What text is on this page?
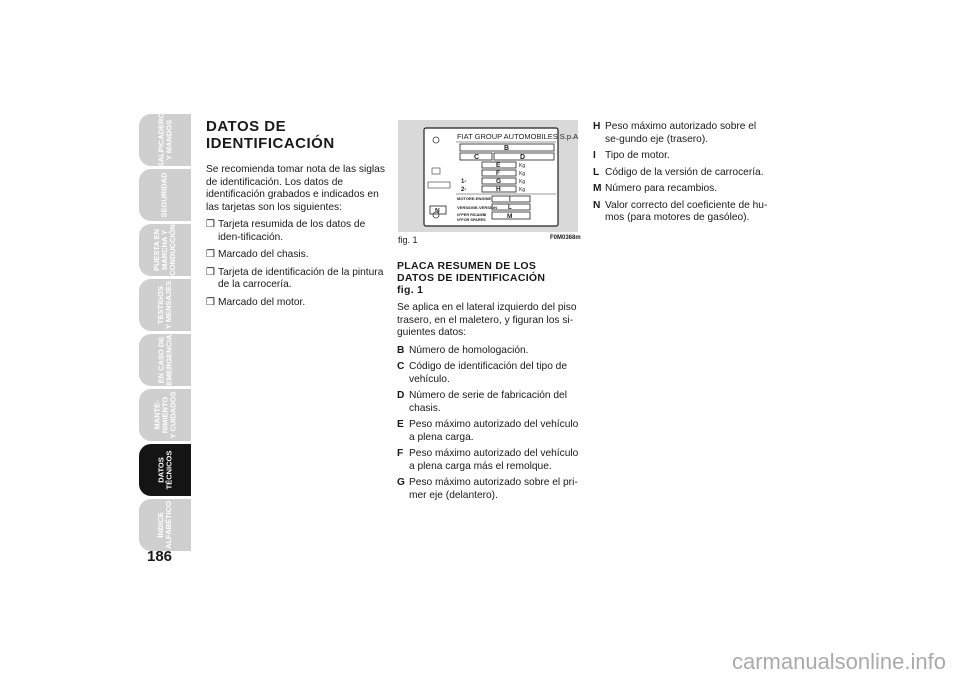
SALPICADERO
Y MANDOS
SEGURIDAD
PUESTA EN
MARCHA Y
CONDUCCIÓN
TESTIGOS
Y MENSAJES
EN CASO DE
EMERGENCIA
MANTE-
NIMIENTO
Y CUIDADOS
DATOS
TÉCNICOS
ÍNDICE
ALFABÉTICO
186
DATOS DE
IDENTIFICACIÓN

Se recomienda tomar nota de las siglas de identificación. Los datos de identificación grabados e indicados en las tarjetas son los siguientes:

❒ Tarjeta resumida de los datos de iden-tificación.
❒ Marcado del chasis.
❒ Tarjeta de identificación de la pintura de la carrocería.
❒ Marcado del motor.
FIAT GROUP AUTOMOBILES S.p.A.
B
C	D
E	Kg
F	Kg
1-	G	Kg
2-	H	Kg
MOTORE-ENGINE	I
VERSIONE-VERSION L
N°PER RICAMBI
N°FOR SPARES	M
N
fig. 1	F0M0368m
PLACA RESUMEN DE LOS
DATOS DE IDENTIFICACIÓN
fig. 1

Se aplica en el lateral izquierdo del piso trasero, en el maletero, y figuran los si-guientes datos:

B Número de homologación.
C Código de identificación del tipo de vehículo.
D Número de serie de fabricación del chasis.
E Peso máximo autorizado del vehículo a plena carga.
F Peso máximo autorizado del vehículo a plena carga más el remolque.
G Peso máximo autorizado sobre el pri-mer eje (delantero).
H Peso máximo autorizado sobre el se-gundo eje (trasero).
I Tipo de motor.
L Código de la versión de carrocería.
M Número para recambios.
N Valor correcto del coeficiente de hu-mos (para motores de gasóleo).
carmanualsonline.info
